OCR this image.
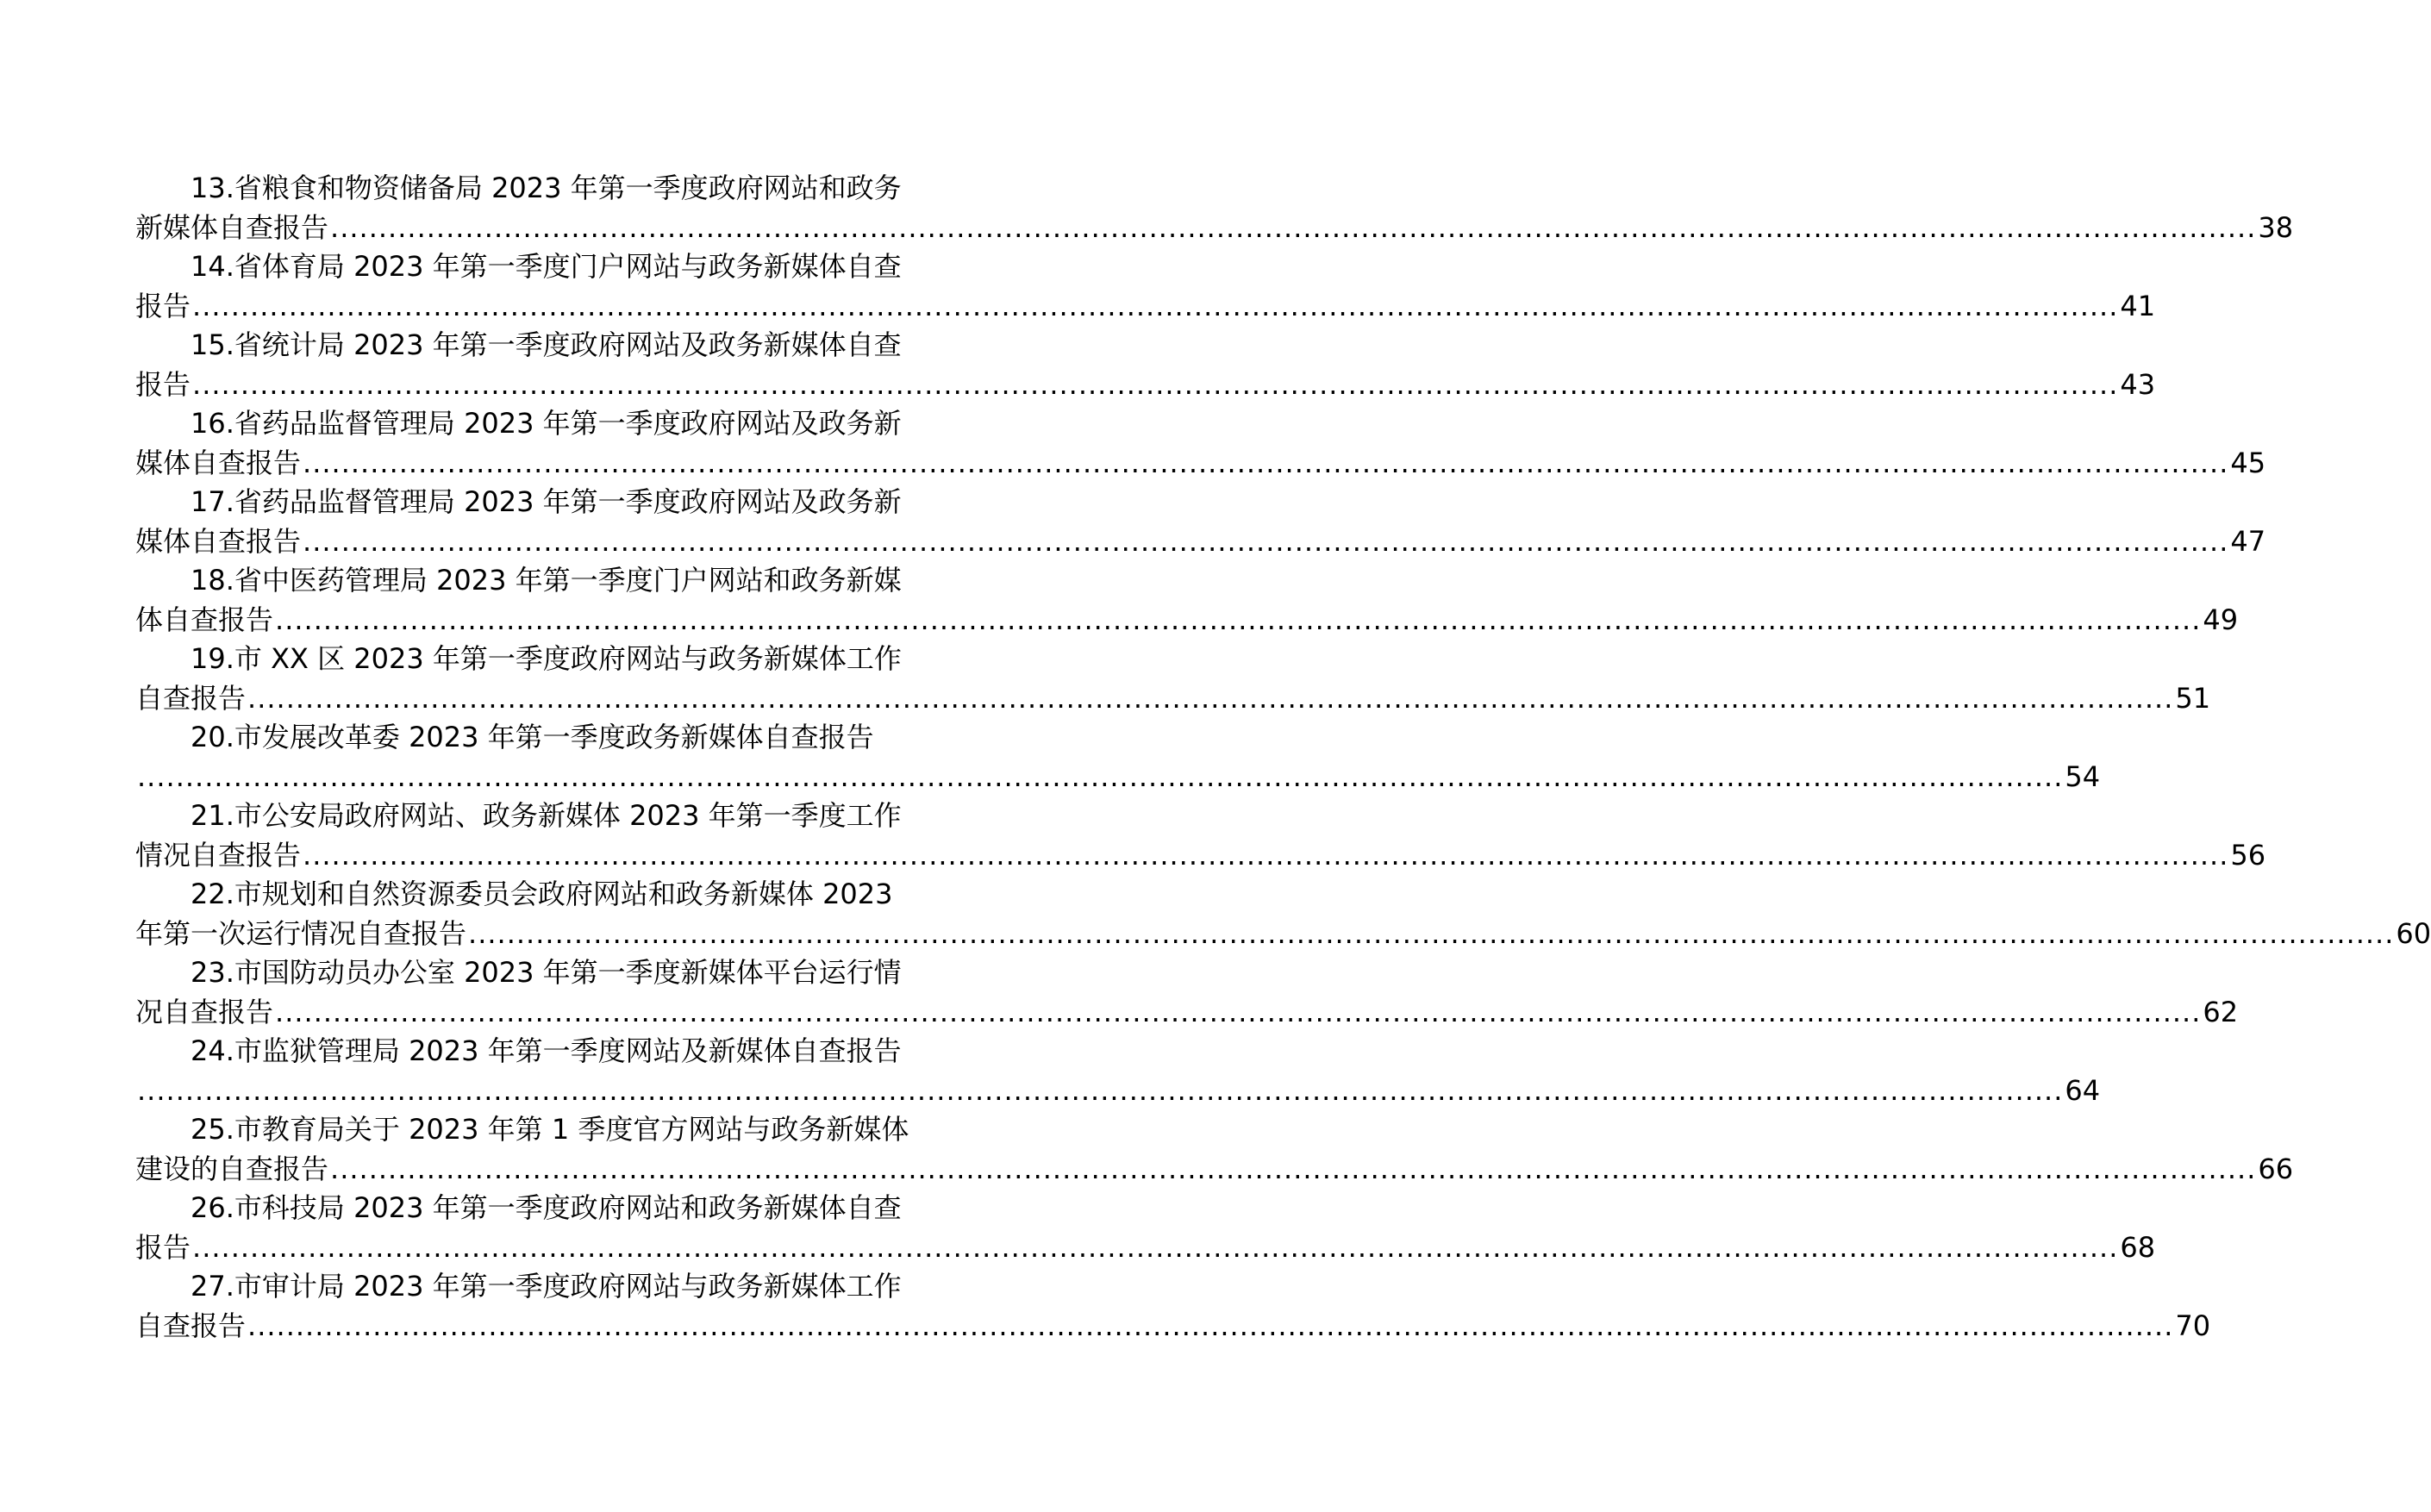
13.省粮食和物资储备局 2023 年第一季度政府网站和政务
新媒体自查报告 ........................................................................................................................................................................................................ 38
14.省体育局 2023 年第一季度门户网站与政务新媒体自查
报告 ........................................................................................................................................................................................................ 41
15.省统计局 2023 年第一季度政府网站及政务新媒体自查
报告 ........................................................................................................................................................................................................ 43
16.省药品监督管理局 2023 年第一季度政府网站及政务新
媒体自查报告 ........................................................................................................................................................................................................ 45
17.省药品监督管理局 2023 年第一季度政府网站及政务新
媒体自查报告 ........................................................................................................................................................................................................ 47
18.省中医药管理局 2023 年第一季度门户网站和政务新媒
体自查报告 ........................................................................................................................................................................................................ 49
19.市 XX 区 2023 年第一季度政府网站与政务新媒体工作
自查报告 ........................................................................................................................................................................................................ 51
20.市发展改革委 2023 年第一季度政务新媒体自查报告
........................................................................................................................................................................................................ 54
21.市公安局政府网站、政务新媒体 2023 年第一季度工作
情况自查报告 ........................................................................................................................................................................................................ 56
22.市规划和自然资源委员会政府网站和政务新媒体 2023
年第一次运行情况自查报告 ........................................................................................................................................................................................................ 60
23.市国防动员办公室 2023 年第一季度新媒体平台运行情
况自查报告 ........................................................................................................................................................................................................ 62
24.市监狱管理局 2023 年第一季度网站及新媒体自查报告
........................................................................................................................................................................................................ 64
25.市教育局关于 2023 年第 1 季度官方网站与政务新媒体
建设的自查报告 ........................................................................................................................................................................................................ 66
26.市科技局 2023 年第一季度政府网站和政务新媒体自查
报告 ........................................................................................................................................................................................................ 68
27.市审计局 2023 年第一季度政府网站与政务新媒体工作
自查报告 ........................................................................................................................................................................................................ 70
